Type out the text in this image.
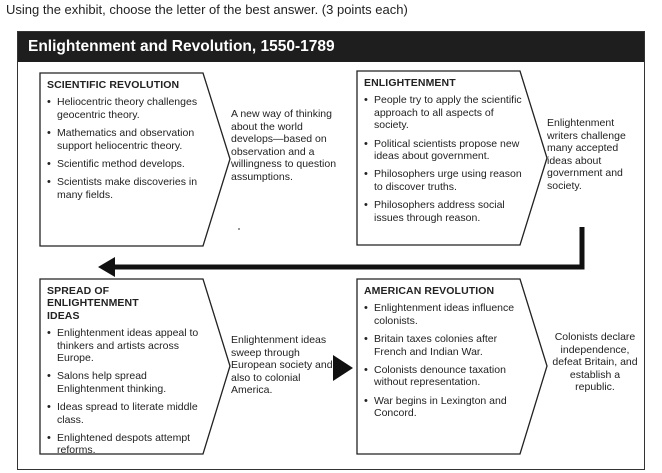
Using the exhibit, choose the letter of the best answer. (3 points each)
Enlightenment and Revolution, 1550-1789
SCIENTIFIC REVOLUTION
• Heliocentric theory challenges geocentric theory.
• Mathematics and observation support heliocentric theory.
• Scientific method develops.
• Scientists make discoveries in many fields.
A new way of thinking about the world develops—based on observation and a willingness to question assumptions.
ENLIGHTENMENT
• People try to apply the scientific approach to all aspects of society.
• Political scientists propose new ideas about government.
• Philosophers urge using reason to discover truths.
• Philosophers address social issues through reason.
Enlightenment writers challenge many accepted ideas about government and society.
SPREAD OF ENLIGHTENMENT IDEAS
• Enlightenment ideas appeal to thinkers and artists across Europe.
• Salons help spread Enlightenment thinking.
• Ideas spread to literate middle class.
• Enlightened despots attempt reforms.
Enlightenment ideas sweep through European society and also to colonial America.
AMERICAN REVOLUTION
• Enlightenment ideas influence colonists.
• Britain taxes colonies after French and Indian War.
• Colonists denounce taxation without representation.
• War begins in Lexington and Concord.
Colonists declare independence, defeat Britain, and establish a republic.
